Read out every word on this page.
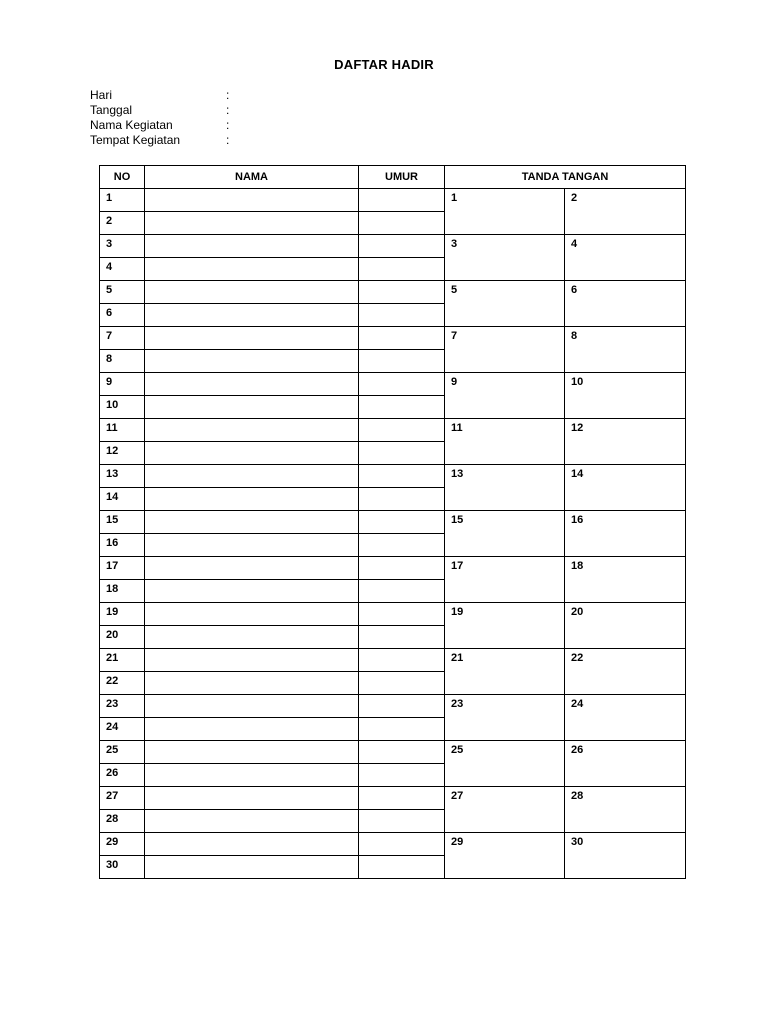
DAFTAR HADIR
Hari	:
Tanggal	:
Nama Kegiatan	:
Tempat Kegiatan	:
NO	NAMA	UMUR	TANDA TANGAN	
1			1	2
2				
3			3	4
4				
5			5	6
6				
7			7	8
8				
9			9	10
10				
11			11	12
12				
13			13	14
14				
15			15	16
16				
17			17	18
18				
19			19	20
20				
21			21	22
22				
23			23	24
24				
25			25	26
26				
27			27	28
28				
29			29	30
30				
